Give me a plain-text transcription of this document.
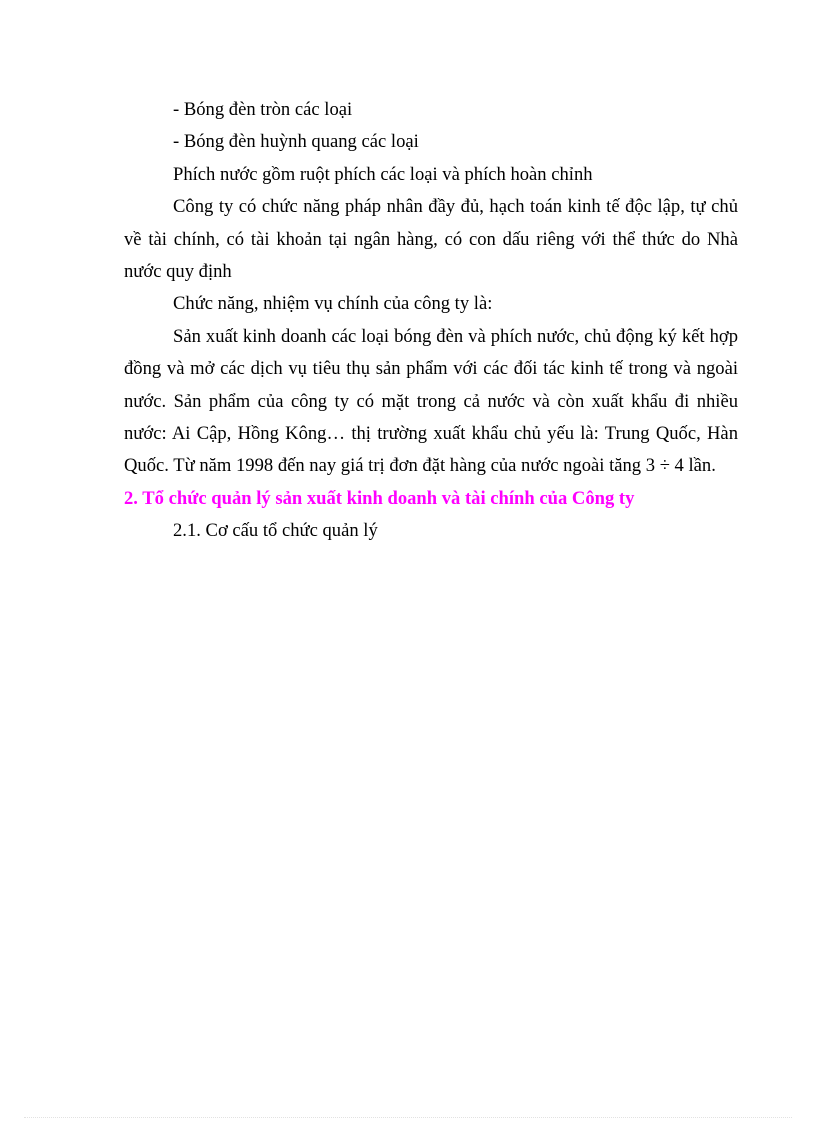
- Bóng đèn tròn các loại

- Bóng đèn huỳnh quang các loại

Phích nước gồm ruột phích các loại và phích hoàn chỉnh

Công ty có chức năng pháp nhân đầy đủ, hạch toán kinh tế độc lập, tự chủ về tài chính, có tài khoản tại ngân hàng, có con dấu riêng với thể thức do Nhà nước quy định

Chức năng, nhiệm vụ chính của công ty là:

Sản xuất kinh doanh các loại bóng đèn và phích nước, chủ động ký kết hợp đồng và mở các dịch vụ tiêu thụ sản phẩm với các đối tác kinh tế trong và ngoài nước. Sản phẩm của công ty có mặt trong cả nước và còn xuất khẩu đi nhiều nước: Ai Cập, Hồng Kông… thị trường xuất khẩu chủ yếu là: Trung Quốc, Hàn Quốc. Từ năm 1998 đến nay giá trị đơn đặt hàng của nước ngoài tăng 3 ÷ 4 lần.

2. Tổ chức quản lý sản xuất kinh doanh và tài chính của Công ty

2.1. Cơ cấu tổ chức quản lý
